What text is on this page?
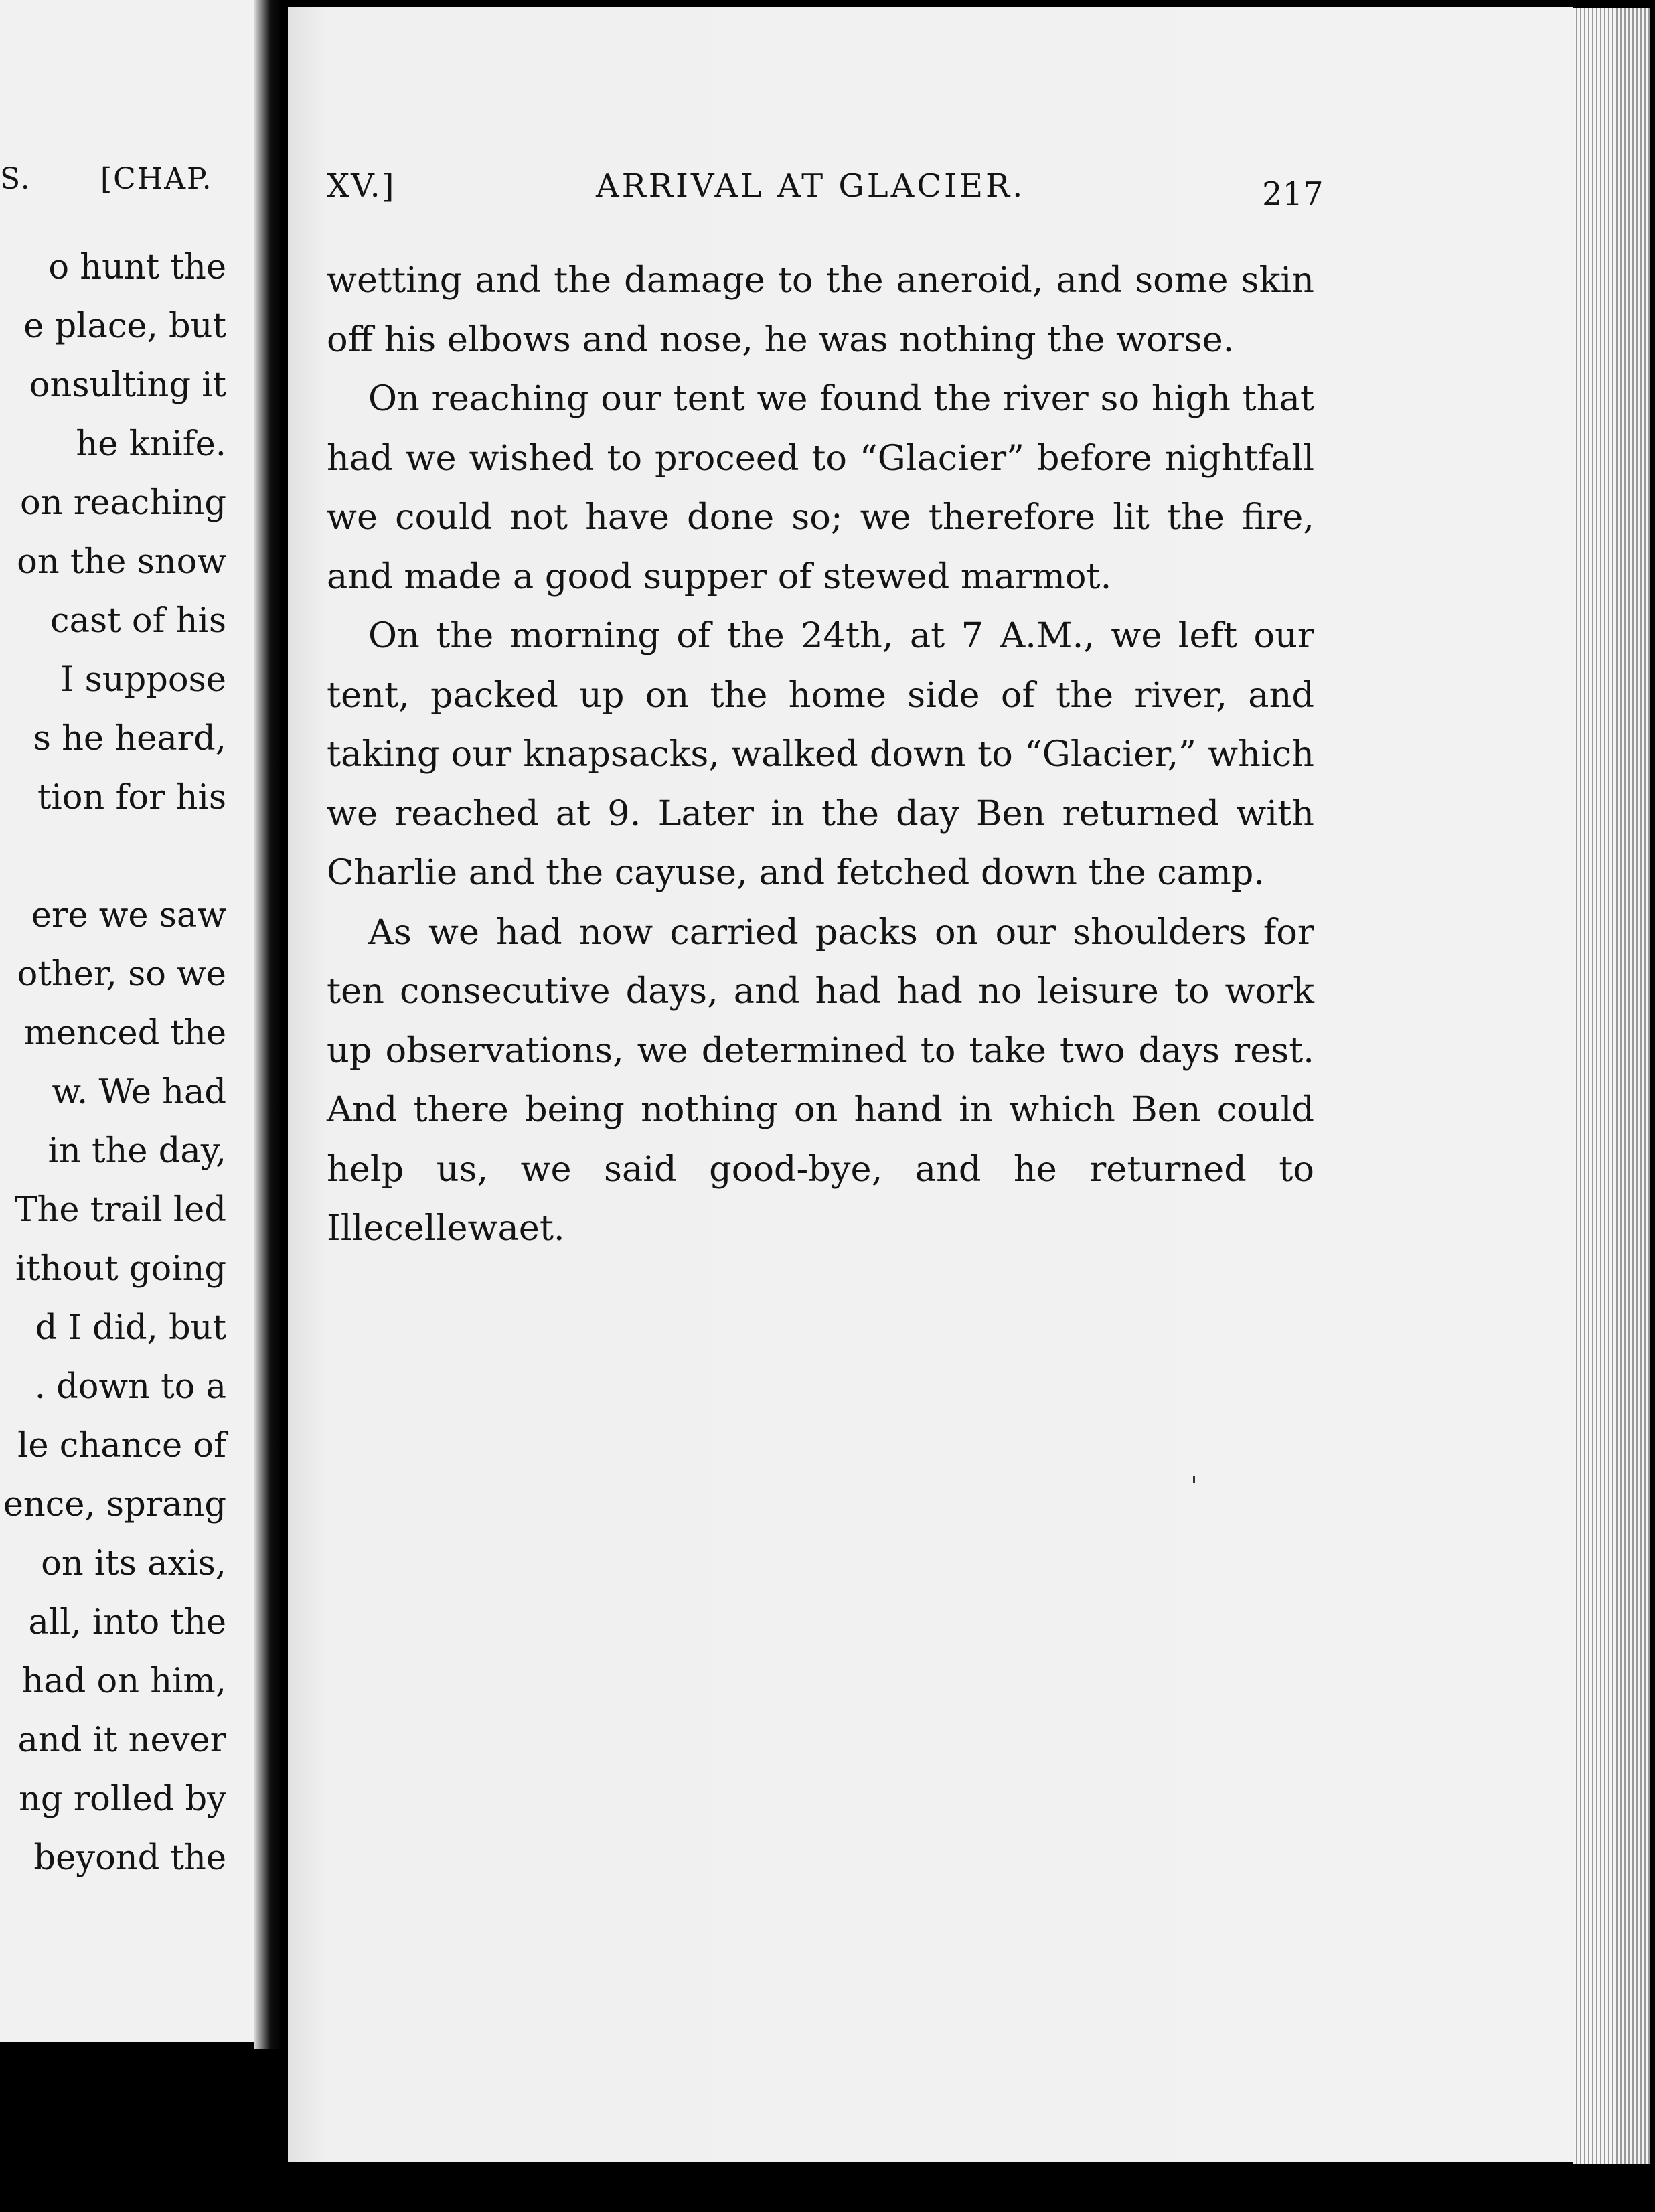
S. [CHAP.
o hunt the
e place, but
onsulting it
he knife.
on reaching
on the snow
cast of his
I suppose
s he heard,
tion for his
ere we saw
other, so we
menced the
w. We had
in the day,
The trail led
ithout going
d I did, but
. down to a
le chance of
ence, sprang
on its axis,
all, into the
had on him,
and it never
ng rolled by
beyond the
XV.]	ARRIVAL AT GLACIER.	217

wetting and the damage to the aneroid, and some skin off his elbows and nose, he was nothing the worse.

On reaching our tent we found the river so high that had we wished to proceed to “Glacier” before nightfall we could not have done so; we therefore lit the fire, and made a good supper of stewed marmot.

On the morning of the 24th, at 7 A.M., we left our tent, packed up on the home side of the river, and taking our knapsacks, walked down to “Glacier,” which we reached at 9. Later in the day Ben returned with Charlie and the cayuse, and fetched down the camp.

As we had now carried packs on our shoulders for ten consecutive days, and had had no leisure to work up observations, we determined to take two days rest. And there being nothing on hand in which Ben could help us, we said good-bye, and he returned to Illecellewaet.
